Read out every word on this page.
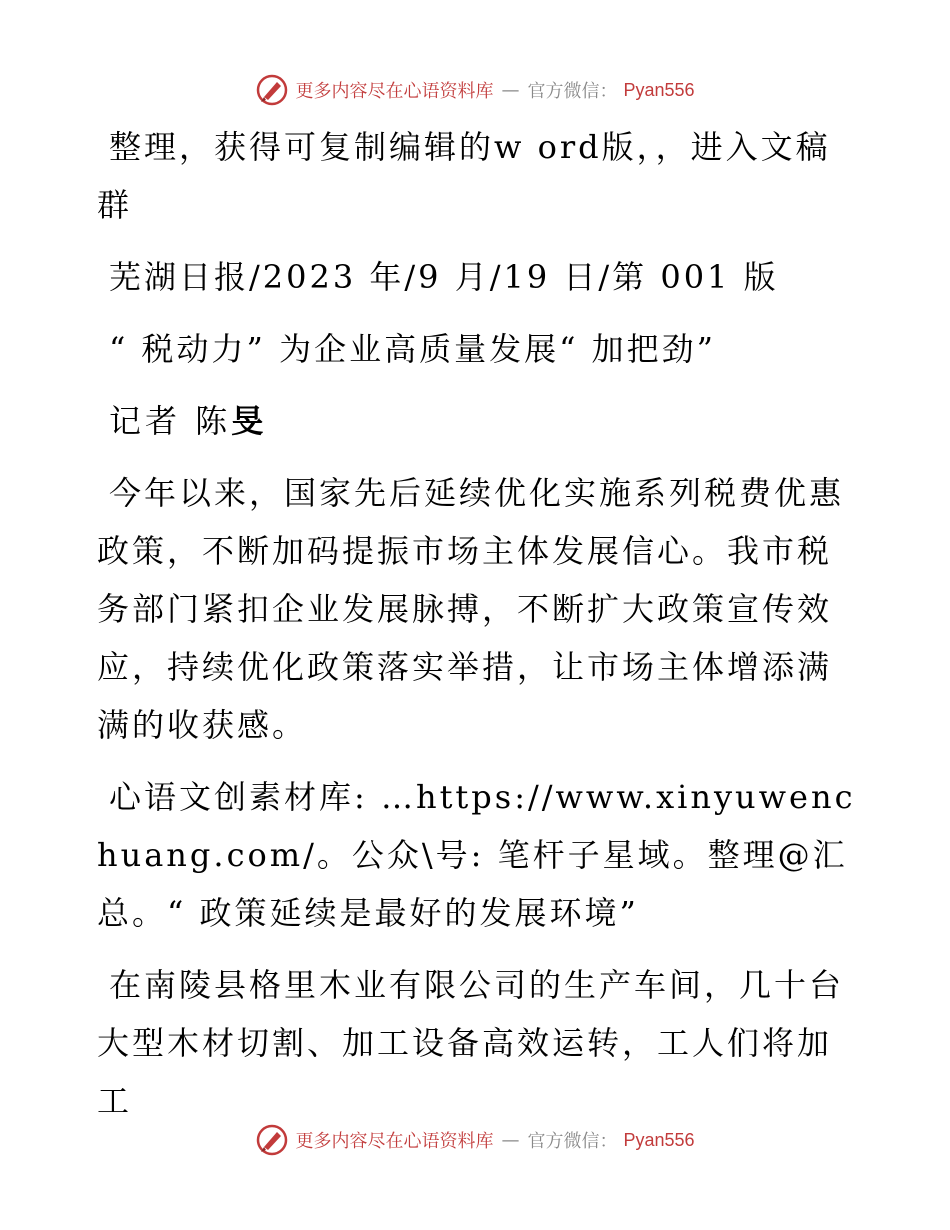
更多内容尽在心语资料库 — 官方微信： Pyan556

整理，获得可复制编辑的w ord版，，进入文稿群

芜湖日报/2023 年/9 月/19 日/第 001 版

“ 税动力” 为企业高质量发展“ 加把劲”

记者 陈旻

今年以来，国家先后延续优化实施系列税费优惠政策，不断加码提振市场主体发展信心。我市税务部门紧扣企业发展脉搏，不断扩大政策宣传效应，持续优化政策落实举措，让市场主体增添满满的收获感。

心语文创素材库: …https://www.xinyuwenchuang.com/。公众\号: 笔杆子星域。整理@汇总。“ 政策延续是最好的发展环境”

在南陵县格里木业有限公司的生产车间，几十台大型木材切割、加工设备高效运转，工人们将加工

更多内容尽在心语资料库 — 官方微信： Pyan556
